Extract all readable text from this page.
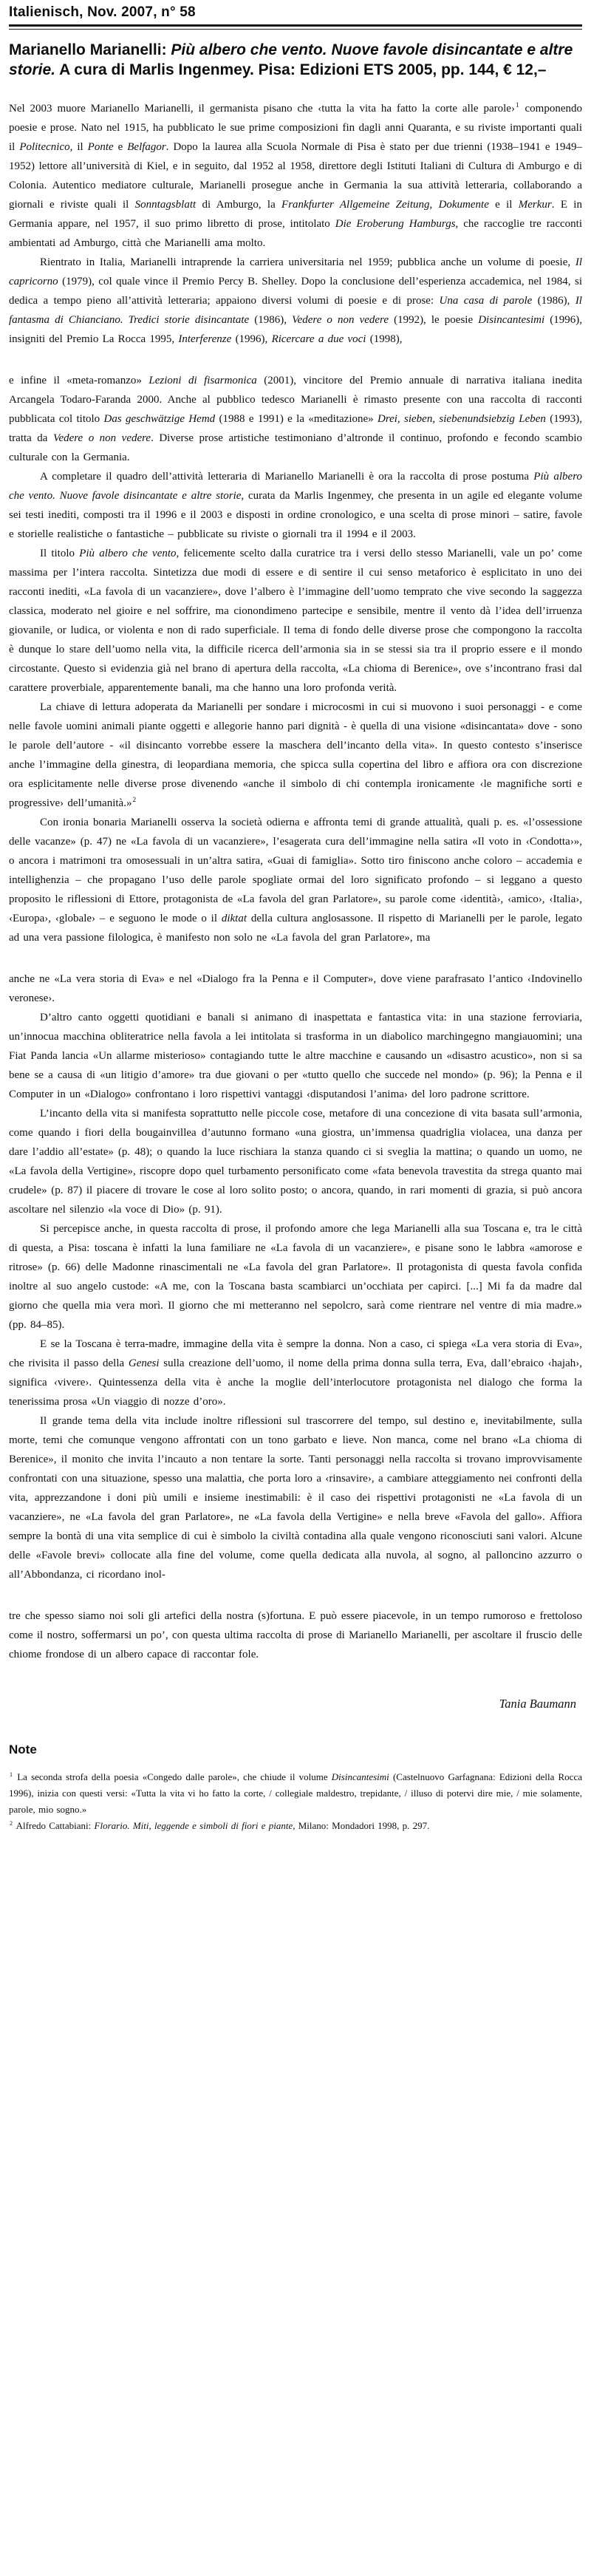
Italienisch, Nov. 2007, n° 58
Marianello Marianelli: Più albero che vento. Nuove favole disincantate e altre storie. A cura di Marlis Ingenmey. Pisa: Edizioni ETS 2005, pp. 144, € 12,–

Nel 2003 muore Marianello Marianelli, il germanista pisano che ‹tutta la vita ha fatto la corte alle parole›$^1$ componendo poesie e prose. Nato nel 1915, ha pubblicato le sue prime composizioni fin dagli anni Quaranta, e su riviste importanti quali il Politecnico, il Ponte e Belfagor. Dopo la laurea alla Scuola Normale di Pisa è stato per due trienni (1938–1941 e 1949–1952) lettore all’università di Kiel, e in seguito, dal 1952 al 1958, direttore degli Istituti Italiani di Cultura di Amburgo e di Colonia. Autentico mediatore culturale, Marianelli prosegue anche in Germania la sua attività letteraria, collaborando a giornali e riviste quali il Sonntagsblatt di Amburgo, la Frankfurter Allgemeine Zeitung, Dokumente e il Merkur. E in Germania appare, nel 1957, il suo primo libretto di prose, intitolato Die Eroberung Hamburgs, che raccoglie tre racconti ambientati ad Amburgo, città che Marianelli ama molto.

Rientrato in Italia, Marianelli intraprende la carriera universitaria nel 1959; pubblica anche un volume di poesie, Il capricorno (1979), col quale vince il Premio Percy B. Shelley. Dopo la conclusione dell’esperienza accademica, nel 1984, si dedica a tempo pieno all’attività letteraria; appaiono diversi volumi di poesie e di prose: Una casa di parole (1986), Il fantasma di Chianciano. Tredici storie disincantate (1986), Vedere o non vedere (1992), le poesie Disincantesimi (1996), insigniti del Premio La Rocca 1995, Interferenze (1996), Ricercare a due voci (1998),

e infine il «meta-romanzo» Lezioni di fisarmonica (2001), vincitore del Premio annuale di narrativa italiana inedita Arcangela Todaro-Faranda 2000. Anche al pubblico tedesco Marianelli è rimasto presente con una raccolta di racconti pubblicata col titolo Das geschwätzige Hemd (1988 e 1991) e la «meditazione» Drei, sieben, siebenundsiebzig Leben (1993), tratta da Vedere o non vedere. Diverse prose artistiche testimoniano d’altronde il continuo, profondo e fecondo scambio culturale con la Germania.

A completare il quadro dell’attività letteraria di Marianello Marianelli è ora la raccolta di prose postuma Più albero che vento. Nuove favole disincantate e altre storie, curata da Marlis Ingenmey, che presenta in un agile ed elegante volume sei testi inediti, composti tra il 1996 e il 2003 e disposti in ordine cronologico, e una scelta di prose minori – satire, favole e storielle realistiche o fantastiche – pubblicate su riviste o giornali tra il 1994 e il 2003.

Il titolo Più albero che vento, felicemente scelto dalla curatrice tra i versi dello stesso Marianelli, vale un po’ come massima per l’intera raccolta. Sintetizza due modi di essere e di sentire il cui senso metaforico è esplicitato in uno dei racconti inediti, «La favola di un vacanziere», dove l’albero è l’immagine dell’uomo temprato che vive secondo la saggezza classica, moderato nel gioire e nel soffrire, ma cionondimeno partecipe e sensibile, mentre il vento dà l’idea dell’irruenza giovanile, or ludica, or violenta e non di rado superficiale. Il tema di fondo delle diverse prose che compongono la raccolta è dunque lo stare dell’uomo nella vita, la difficile ricerca dell’armonia sia in se stessi sia tra il proprio essere e il mondo circostante. Questo si evidenzia già nel brano di apertura della raccolta, «La chioma di Berenice», ove s’incontrano frasi dal carattere proverbiale, apparentemente banali, ma che hanno una loro profonda verità.

La chiave di lettura adoperata da Marianelli per sondare i microcosmi in cui si muovono i suoi personaggi - e come nelle favole uomini animali piante oggetti e allegorie hanno pari dignità - è quella di una visione «disincantata» dove - sono le parole dell’autore - «il disincanto vorrebbe essere la maschera dell’incanto della vita». In questo contesto s’inserisce anche l’immagine della ginestra, di leopardiana memoria, che spicca sulla copertina del libro e affiora ora con discrezione ora esplicitamente nelle diverse prose divenendo «anche il simbolo di chi contempla ironicamente ‹le magnifiche sorti e progressive› dell’umanità.»$^2$

Con ironia bonaria Marianelli osserva la società odierna e affronta temi di grande attualità, quali p. es. «l’ossessione delle vacanze» (p. 47) ne «La favola di un vacanziere», l’esagerata cura dell’immagine nella satira «Il voto in ‹Condotta›», o ancora i matrimoni tra omosessuali in un’altra satira, «Guai di famiglia». Sotto tiro finiscono anche coloro – accademia e intellighenzia – che propagano l’uso delle parole spogliate ormai del loro significato profondo – si leggano a questo proposito le riflessioni di Ettore, protagonista de «La favola del gran Parlatore», su parole come ‹identità›, ‹amico›, ‹Italia›, ‹Europa›, ‹globale› – e seguono le mode o il diktat della cultura anglosassone. Il rispetto di Marianelli per le parole, legato ad una vera passione filologica, è manifesto non solo ne «La favola del gran Parlatore», ma

anche ne «La vera storia di Eva» e nel «Dialogo fra la Penna e il Computer», dove viene parafrasato l’antico ‹Indovinello veronese›.

D’altro canto oggetti quotidiani e banali si animano di inaspettata e fantastica vita: in una stazione ferroviaria, un’innocua macchina obliteratrice nella favola a lei intitolata si trasforma in un diabolico marchingegno mangiauomini; una Fiat Panda lancia «Un allarme misterioso» contagiando tutte le altre macchine e causando un «disastro acustico», non si sa bene se a causa di «un litigio d’amore» tra due giovani o per «tutto quello che succede nel mondo» (p. 96); la Penna e il Computer in un «Dialogo» confrontano i loro rispettivi vantaggi ‹disputandosi l’anima› del loro padrone scrittore.

L’incanto della vita si manifesta soprattutto nelle piccole cose, metafore di una concezione di vita basata sull’armonia, come quando i fiori della bougainvillea d’autunno formano «una giostra, un’immensa quadriglia violacea, una danza per dare l’addio all’estate» (p. 48); o quando la luce rischiara la stanza quando ci si sveglia la mattina; o quando un uomo, ne «La favola della Vertigine», riscopre dopo quel turbamento personificato come «fata benevola travestita da strega quanto mai crudele» (p. 87) il piacere di trovare le cose al loro solito posto; o ancora, quando, in rari momenti di grazia, si può ancora ascoltare nel silenzio «la voce di Dio» (p. 91).

Si percepisce anche, in questa raccolta di prose, il profondo amore che lega Marianelli alla sua Toscana e, tra le città di questa, a Pisa: toscana è infatti la luna familiare ne «La favola di un vacanziere», e pisane sono le labbra «amorose e ritrose» (p. 66) delle Madonne rinascimentali ne «La favola del gran Parlatore». Il protagonista di questa favola confida inoltre al suo angelo custode: «A me, con la Toscana basta scambiarci un’occhiata per capirci. [...] Mi fa da madre dal giorno che quella mia vera morì. Il giorno che mi metteranno nel sepolcro, sarà come rientrare nel ventre di mia madre.» (pp. 84–85).

E se la Toscana è terra-madre, immagine della vita è sempre la donna. Non a caso, ci spiega «La vera storia di Eva», che rivisita il passo della Genesi sulla creazione dell’uomo, il nome della prima donna sulla terra, Eva, dall’ebraico ‹hajah›, significa ‹vivere›. Quintessenza della vita è anche la moglie dell’interlocutore protagonista nel dialogo che forma la tenerissima prosa «Un viaggio di nozze d’oro».

Il grande tema della vita include inoltre riflessioni sul trascorrere del tempo, sul destino e, inevitabilmente, sulla morte, temi che comunque vengono affrontati con un tono garbato e lieve. Non manca, come nel brano «La chioma di Berenice», il monito che invita l’incauto a non tentare la sorte. Tanti personaggi nella raccolta si trovano improvvisamente confrontati con una situazione, spesso una malattia, che porta loro a ‹rinsavire›, a cambiare atteggiamento nei confronti della vita, apprezzandone i doni più umili e insieme inestimabili: è il caso dei rispettivi protagonisti ne «La favola di un vacanziere», ne «La favola del gran Parlatore», ne «La favola della Vertigine» e nella breve «Favola del gallo». Affiora sempre la bontà di una vita semplice di cui è simbolo la civiltà contadina alla quale vengono riconosciuti sani valori. Alcune delle «Favole brevi» collocate alla fine del volume, come quella dedicata alla nuvola, al sogno, al palloncino azzurro o all’Abbondanza, ci ricordano inol-

tre che spesso siamo noi soli gli artefici della nostra (s)fortuna. E può essere piacevole, in un tempo rumoroso e frettoloso come il nostro, soffermarsi un po’, con questa ultima raccolta di prose di Marianello Marianelli, per ascoltare il fruscio delle chiome frondose di un albero capace di raccontar fole.

Tania Baumann
Note

$^1$ La seconda strofa della poesia «Congedo dalle parole», che chiude il volume Disincantesimi (Castelnuovo Garfagnana: Edizioni della Rocca 1996), inizia con questi versi: «Tutta la vita vi ho fatto la corte, / collegiale maldestro, trepidante, / illuso di potervi dire mie, / mie solamente, parole, mio sogno.»

$^2$ Alfredo Cattabiani: Florario. Miti, leggende e simboli di fiori e piante, Milano: Mondadori 1998, p. 297.
